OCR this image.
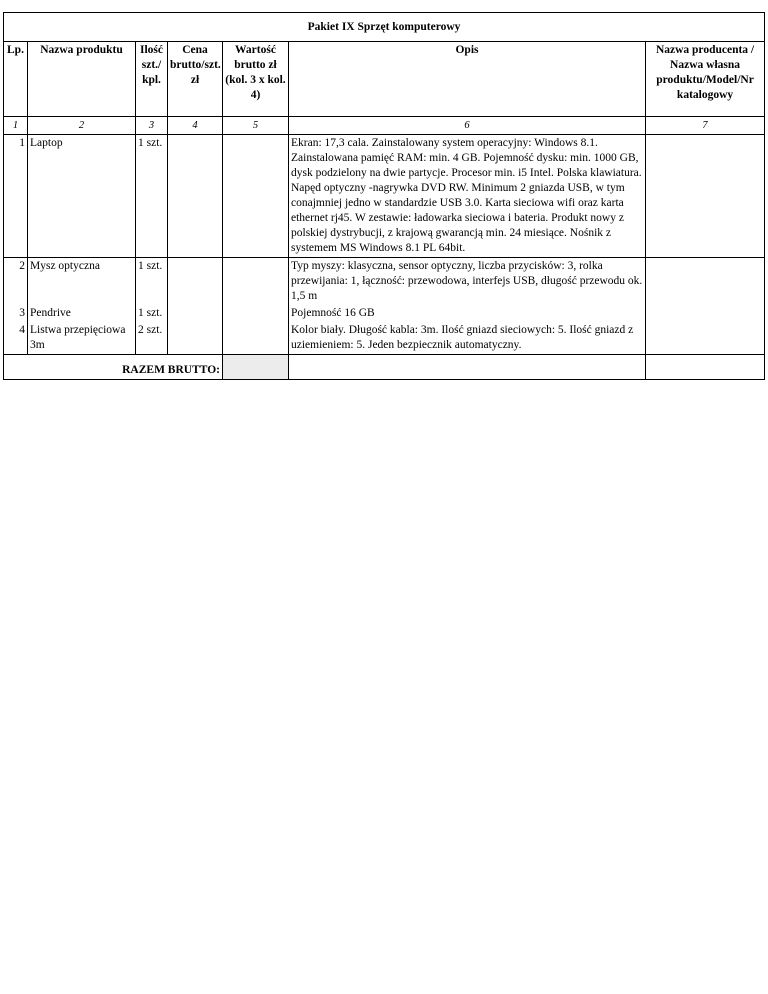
Pakiet IX Sprzęt komputerowy						
Lp.	Nazwa produktu	Ilość szt./ kpl.	Cena brutto/szt. zł	Wartość brutto zł (kol. 3 x kol. 4)	Opis	Nazwa producenta / Nazwa własna produktu/Model/Nr katalogowy
1	2	3	4	5	6	7
1	Laptop	1 szt.			Ekran: 17,3 cala. Zainstalowany system operacyjny: Windows 8.1. Zainstalowana pamięć RAM: min. 4 GB. Pojemność dysku: min. 1000 GB, dysk podzielony na dwie partycje. Procesor min. i5 Intel. Polska klawiatura. Napęd optyczny -nagrywka DVD RW. Minimum 2 gniazda USB, w tym conajmniej jedno w standardzie USB 3.0. Karta sieciowa wifi oraz karta ethernet rj45. W zestawie: ładowarka sieciowa i bateria. Produkt nowy z polskiej dystrybucji, z krajową gwarancją min. 24 miesiące. Nośnik z systemem MS Windows 8.1 PL 64bit.	
2	Mysz optyczna	1 szt.			Typ myszy: klasyczna, sensor optyczny, liczba przycisków: 3, rolka przewijania: 1, łączność: przewodowa, interfejs USB, długość przewodu ok. 1,5 m	
3	Pendrive	1 szt.			Pojemność 16 GB	
4	Listwa przepięciowa 3m	2 szt.			Kolor biały. Długość kabla: 3m. Ilość gniazd sieciowych: 5. Ilość gniazd z uziemieniem: 5. Jeden bezpiecznik automatyczny.	
RAZEM BRUTTO:						
